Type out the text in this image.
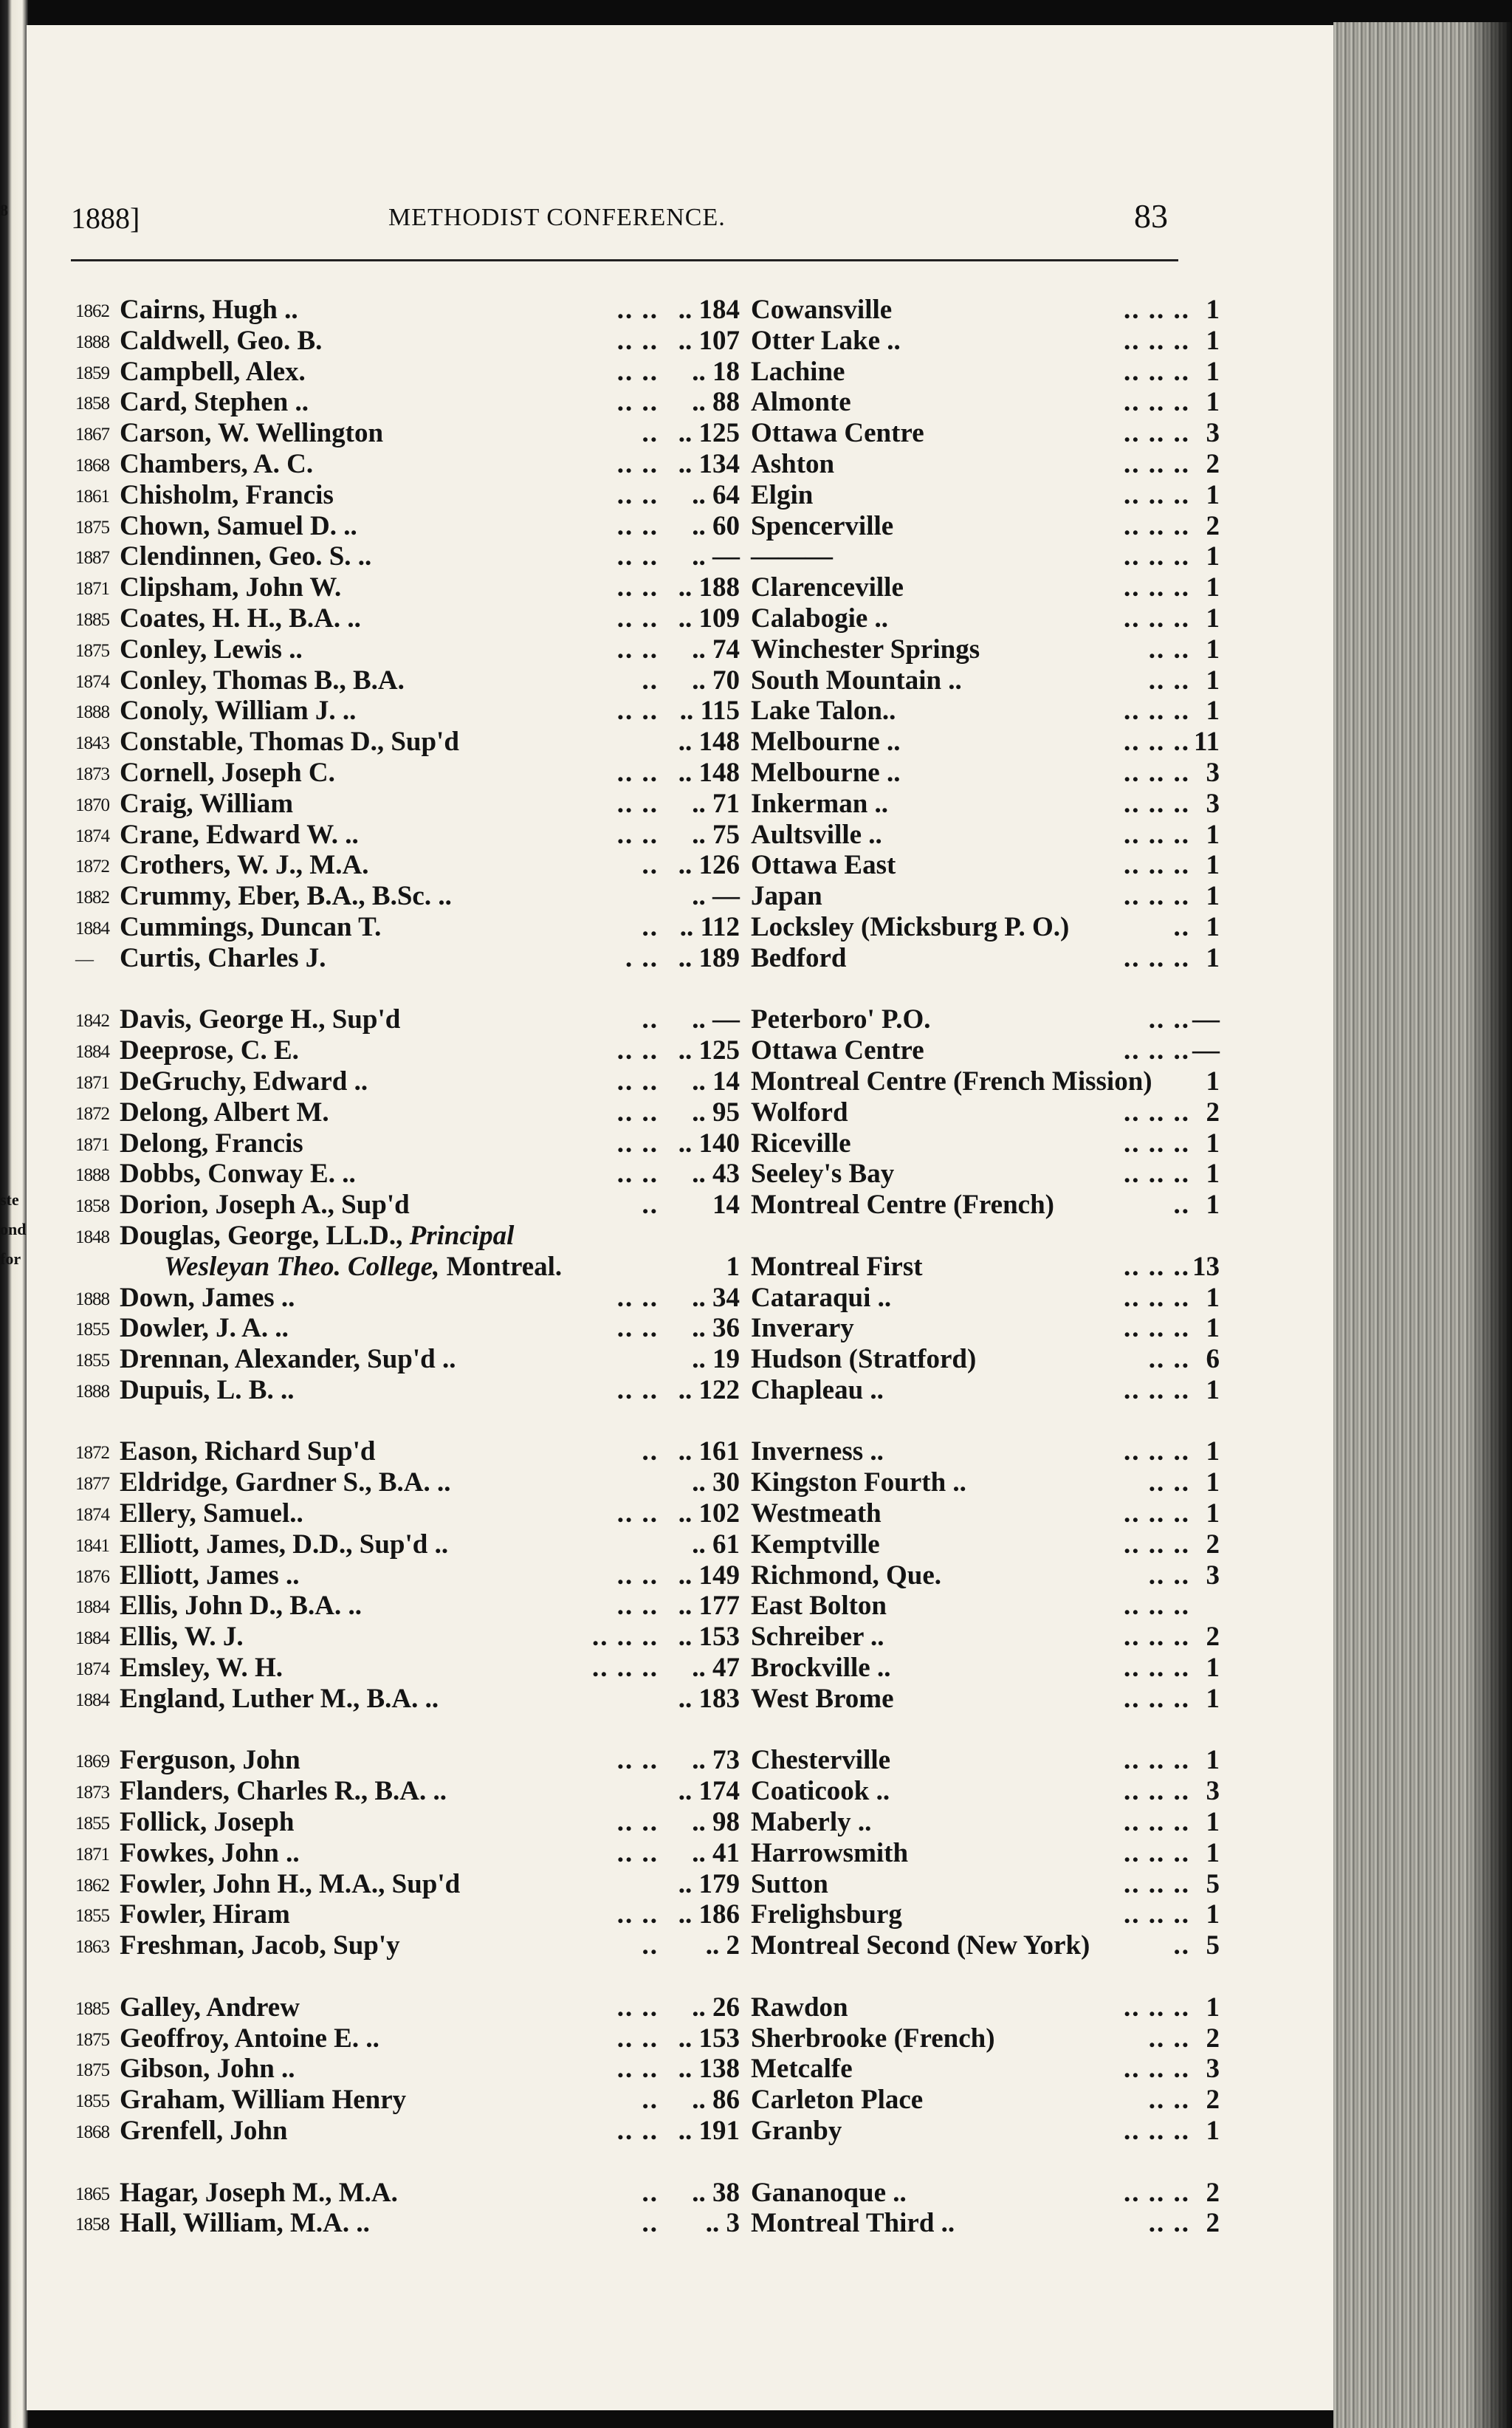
8
ste
ond
for
1888]	METHODIST CONFERENCE.	83
1862 Cairns, Hugh ..	.. .. .. 184 Cowansville	.. .. .. 1
1888 Caldwell, Geo. B.	.. .. .. 107 Otter Lake ..	.. .. .. 1
1859 Campbell, Alex.	.. ..	.. 18 Lachine	.. .. .. 1
1858 Card, Stephen ..	.. ..	.. 88 Almonte	.. .. .. 1
1867 Carson, W. Wellington	.. .. 125 Ottawa Centre	.. .. .. 3
1868 Chambers, A. C.	.. .. .. 134 Ashton	.. .. .. 2
1861 Chisholm, Francis	.. ..	.. 64 Elgin	.. .. .. 1
1875 Chown, Samuel D. ..	.. ..	.. 60 Spencerville	.. .. .. 2
1887 Clendinnen, Geo. S. ..	.. ..	.. — ———	.. .. .. 1
1871 Clipsham, John W.	.. .. .. 188 Clarenceville	.. .. .. 1
1885 Coates, H. H., B.A. ..	.. .. .. 109 Calabogie ..	.. .. .. 1
1875 Conley, Lewis ..	.. ..	.. 74 Winchester Springs	.. .. 1
1874 Conley, Thomas B., B.A.	..	.. 70 South Mountain ..	.. .. 1
1888 Conoly, William J. ..	.. .. .. 115 Lake Talon..	.. .. .. 1
1843 Constable, Thomas D., Sup'd	.. 148 Melbourne ..	.. .. .. 11
1873 Cornell, Joseph C.	.. .. .. 148 Melbourne ..	.. .. .. 3
1870 Craig, William	.. ..	.. 71 Inkerman ..	.. .. .. 3
1874 Crane, Edward W. ..	.. ..	.. 75 Aultsville ..	.. .. .. 1
1872 Crothers, W. J., M.A.	.. .. 126 Ottawa East	.. .. .. 1
1882 Crummy, Eber, B.A., B.Sc. ..	.. — Japan	.. .. .. 1
1884 Cummings, Duncan T.	.. .. 112 Locksley (Micksburg P. O.)	.. 1
— Curtis, Charles J.	. .. .. 189 Bedford	.. .. .. 1
1842 Davis, George H., Sup'd	..	.. — Peterboro' P.O.	.. .. —
1884 Deeprose, C. E.	.. .. .. 125 Ottawa Centre	.. .. .. —
1871 DeGruchy, Edward ..	.. ..	.. 14 Montreal Centre (French Mission)	1
1872 Delong, Albert M.	.. ..	.. 95 Wolford	.. .. .. 2
1871 Delong, Francis	.. .. .. 140 Riceville	.. .. .. 1
1888 Dobbs, Conway E. ..	.. ..	.. 43 Seeley's Bay	.. .. .. 1
1858 Dorion, Joseph A., Sup'd	..	14 Montreal Centre (French)	.. 1
1848 Douglas, George, LL.D., Principal
Wesleyan Theo. College, Montreal.	1 Montreal First	.. .. .. 13
1888 Down, James ..	.. ..	.. 34 Cataraqui ..	.. .. .. 1
1855 Dowler, J. A. ..	.. ..	.. 36 Inverary	.. .. .. 1
1855 Drennan, Alexander, Sup'd ..	.. 19 Hudson (Stratford)	.. .. 6
1888 Dupuis, L. B. ..	.. .. .. 122 Chapleau ..	.. .. .. 1
1872 Eason, Richard Sup'd	.. .. 161 Inverness ..	.. .. .. 1
1877 Eldridge, Gardner S., B.A. ..	.. 30 Kingston Fourth ..	.. .. 1
1874 Ellery, Samuel..	.. .. .. 102 Westmeath	.. .. .. 1
1841 Elliott, James, D.D., Sup'd ..	.. 61 Kemptville	.. .. .. 2
1876 Elliott, James ..	.. .. .. 149 Richmond, Que.	.. .. 3
1884 Ellis, John D., B.A. ..	.. .. .. 177 East Bolton	.. .. ..
1884 Ellis, W. J.	.. .. .. .. 153 Schreiber ..	.. .. .. 2
1874 Emsley, W. H.	.. .. ..	.. 47 Brockville ..	.. .. .. 1
1884 England, Luther M., B.A. ..	.. 183 West Brome	.. .. .. 1
1869 Ferguson, John	.. ..	.. 73 Chesterville	.. .. .. 1
1873 Flanders, Charles R., B.A. ..	.. 174 Coaticook ..	.. .. .. 3
1855 Follick, Joseph	.. ..	.. 98 Maberly ..	.. .. .. 1
1871 Fowkes, John ..	.. ..	.. 41 Harrowsmith	.. .. .. 1
1862 Fowler, John H., M.A., Sup'd	.. 179 Sutton	.. .. .. 5
1855 Fowler, Hiram	.. .. .. 186 Frelighsburg	.. .. .. 1
1863 Freshman, Jacob, Sup'y	..	.. 2 Montreal Second (New York)	.. 5
1885 Galley, Andrew	.. ..	.. 26 Rawdon	.. .. .. 1
1875 Geoffroy, Antoine E. ..	.. .. .. 153 Sherbrooke (French)	.. .. 2
1875 Gibson, John ..	.. .. .. 138 Metcalfe	.. .. .. 3
1855 Graham, William Henry	..	.. 86 Carleton Place	.. .. 2
1868 Grenfell, John	.. .. .. 191 Granby	.. .. .. 1
1865 Hagar, Joseph M., M.A.	..	.. 38 Gananoque ..	.. .. .. 2
1858 Hall, William, M.A. ..	..	.. 3 Montreal Third ..	.. .. 2
